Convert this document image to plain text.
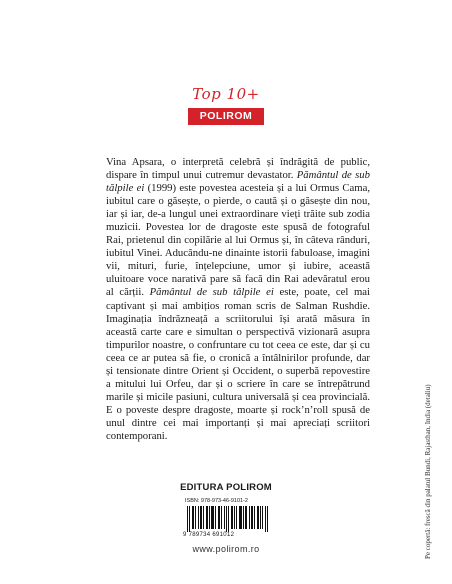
Top 10+
POLIROM

Vina Apsara, o interpretă celebră și îndrăgită de public, dispare în timpul unui cutremur devastator. Pământul de sub tălpile ei (1999) este povestea acesteia și a lui Ormus Cama, iubitul care o găsește, o pierde, o caută și o găsește din nou, iar și iar, de-a lungul unei extraordinare vieți trăite sub zodia muzicii. Povestea lor de dragoste este spusă de fotograful Rai, prietenul din copilărie al lui Ormus și, în câteva rânduri, iubitul Vinei. Aducându-ne dinainte istorii fabuloase, imagini vii, mituri, furie, înțelepciune, umor și iubire, această uluitoare voce narativă pare să facă din Rai adevăratul erou al cărții. Pământul de sub tălpile ei este, poate, cel mai captivant și mai ambițios roman scris de Salman Rushdie. Imaginația îndrăzneață a scriitorului își arată măsura în această carte care e simultan o perspectivă vizionară asupra timpurilor noastre, o confruntare cu tot ceea ce este, dar și cu ceea ce ar putea să fie, o cronică a întâlnirilor profunde, dar și tensionate dintre Orient și Occident, o superbă repovestire a mitului lui Orfeu, dar și o scriere în care se întrepătrund marile și micile pasiuni, cultura universală și cea provincială. E o poveste despre dragoste, moarte și rock’n’roll spusă de unul dintre cei mai importanți și mai apreciați scriitori contemporani.

EDITURA POLIROM
ISBN: 978-973-46-9101-2
9 789734 691012
www.polirom.ro	Pe copertă: frescă din palatul Bundi, Rajasthan, India (detaliu)
